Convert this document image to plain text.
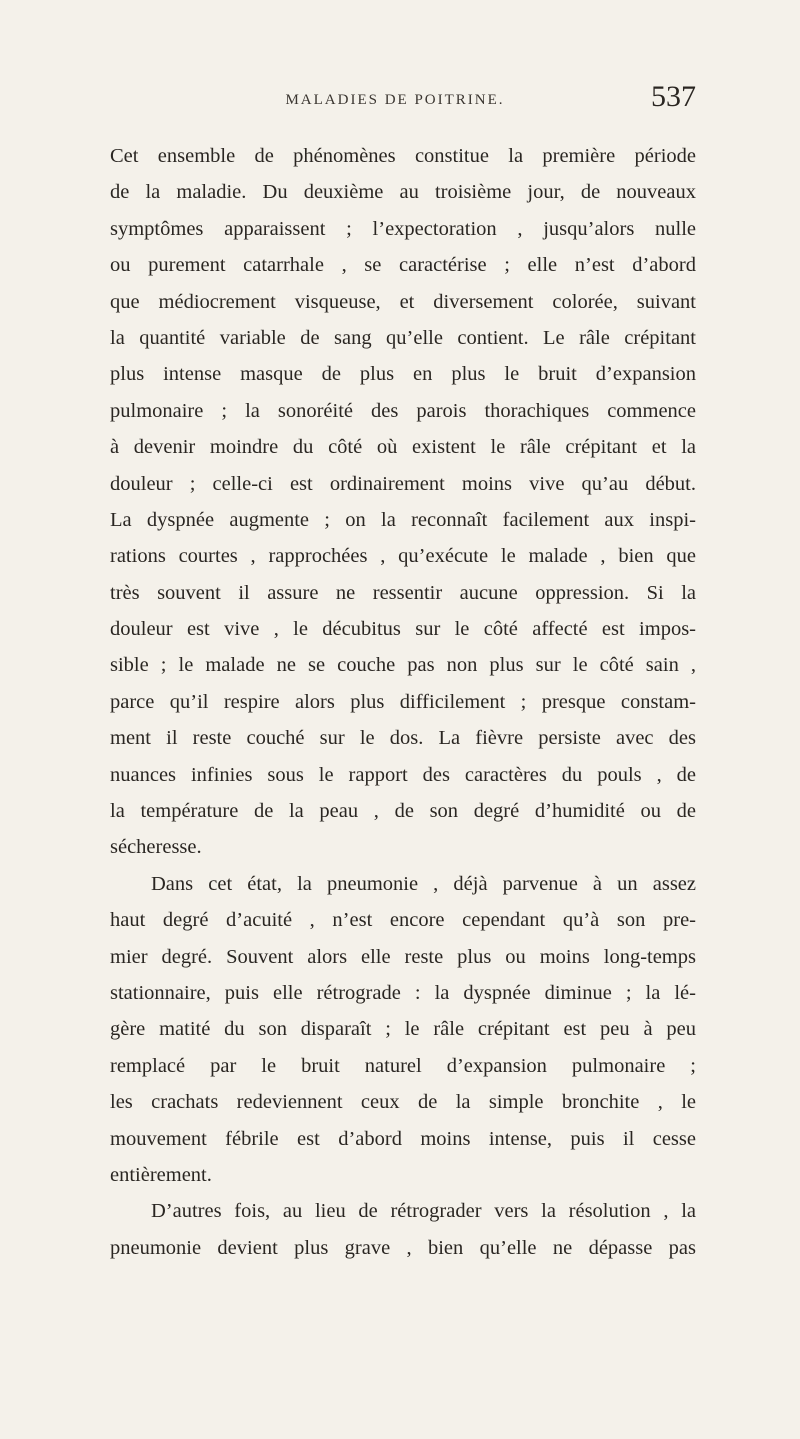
MALADIES DE POITRINE.	537
Cet ensemble de phénomènes constitue la première période
de la maladie. Du deuxième au troisième jour, de nouveaux
symptômes apparaissent ; l’expectoration , jusqu’alors nulle
ou purement catarrhale , se caractérise ; elle n’est d’abord
que médiocrement visqueuse, et diversement colorée, suivant
la quantité variable de sang qu’elle contient. Le râle crépitant
plus intense masque de plus en plus le bruit d’expansion
pulmonaire ; la sonoréité des parois thorachiques commence
à devenir moindre du côté où existent le râle crépitant et la
douleur ; celle-ci est ordinairement moins vive qu’au début.
La dyspnée augmente ; on la reconnaît facilement aux inspi-
rations courtes , rapprochées , qu’exécute le malade , bien que
très souvent il assure ne ressentir aucune oppression. Si la
douleur est vive , le décubitus sur le côté affecté est impos-
sible ; le malade ne se couche pas non plus sur le côté sain ,
parce qu’il respire alors plus difficilement ; presque constam-
ment il reste couché sur le dos. La fièvre persiste avec des
nuances infinies sous le rapport des caractères du pouls , de
la température de la peau , de son degré d’humidité ou de
sécheresse.
Dans cet état, la pneumonie , déjà parvenue à un assez
haut degré d’acuité , n’est encore cependant qu’à son pre-
mier degré. Souvent alors elle reste plus ou moins long-temps
stationnaire, puis elle rétrograde : la dyspnée diminue ; la lé-
gère matité du son disparaît ; le râle crépitant est peu à peu
remplacé par le bruit naturel d’expansion pulmonaire ;
les crachats redeviennent ceux de la simple bronchite , le
mouvement fébrile est d’abord moins intense, puis il cesse
entièrement.
D’autres fois, au lieu de rétrograder vers la résolution , la
pneumonie devient plus grave , bien qu’elle ne dépasse pas
